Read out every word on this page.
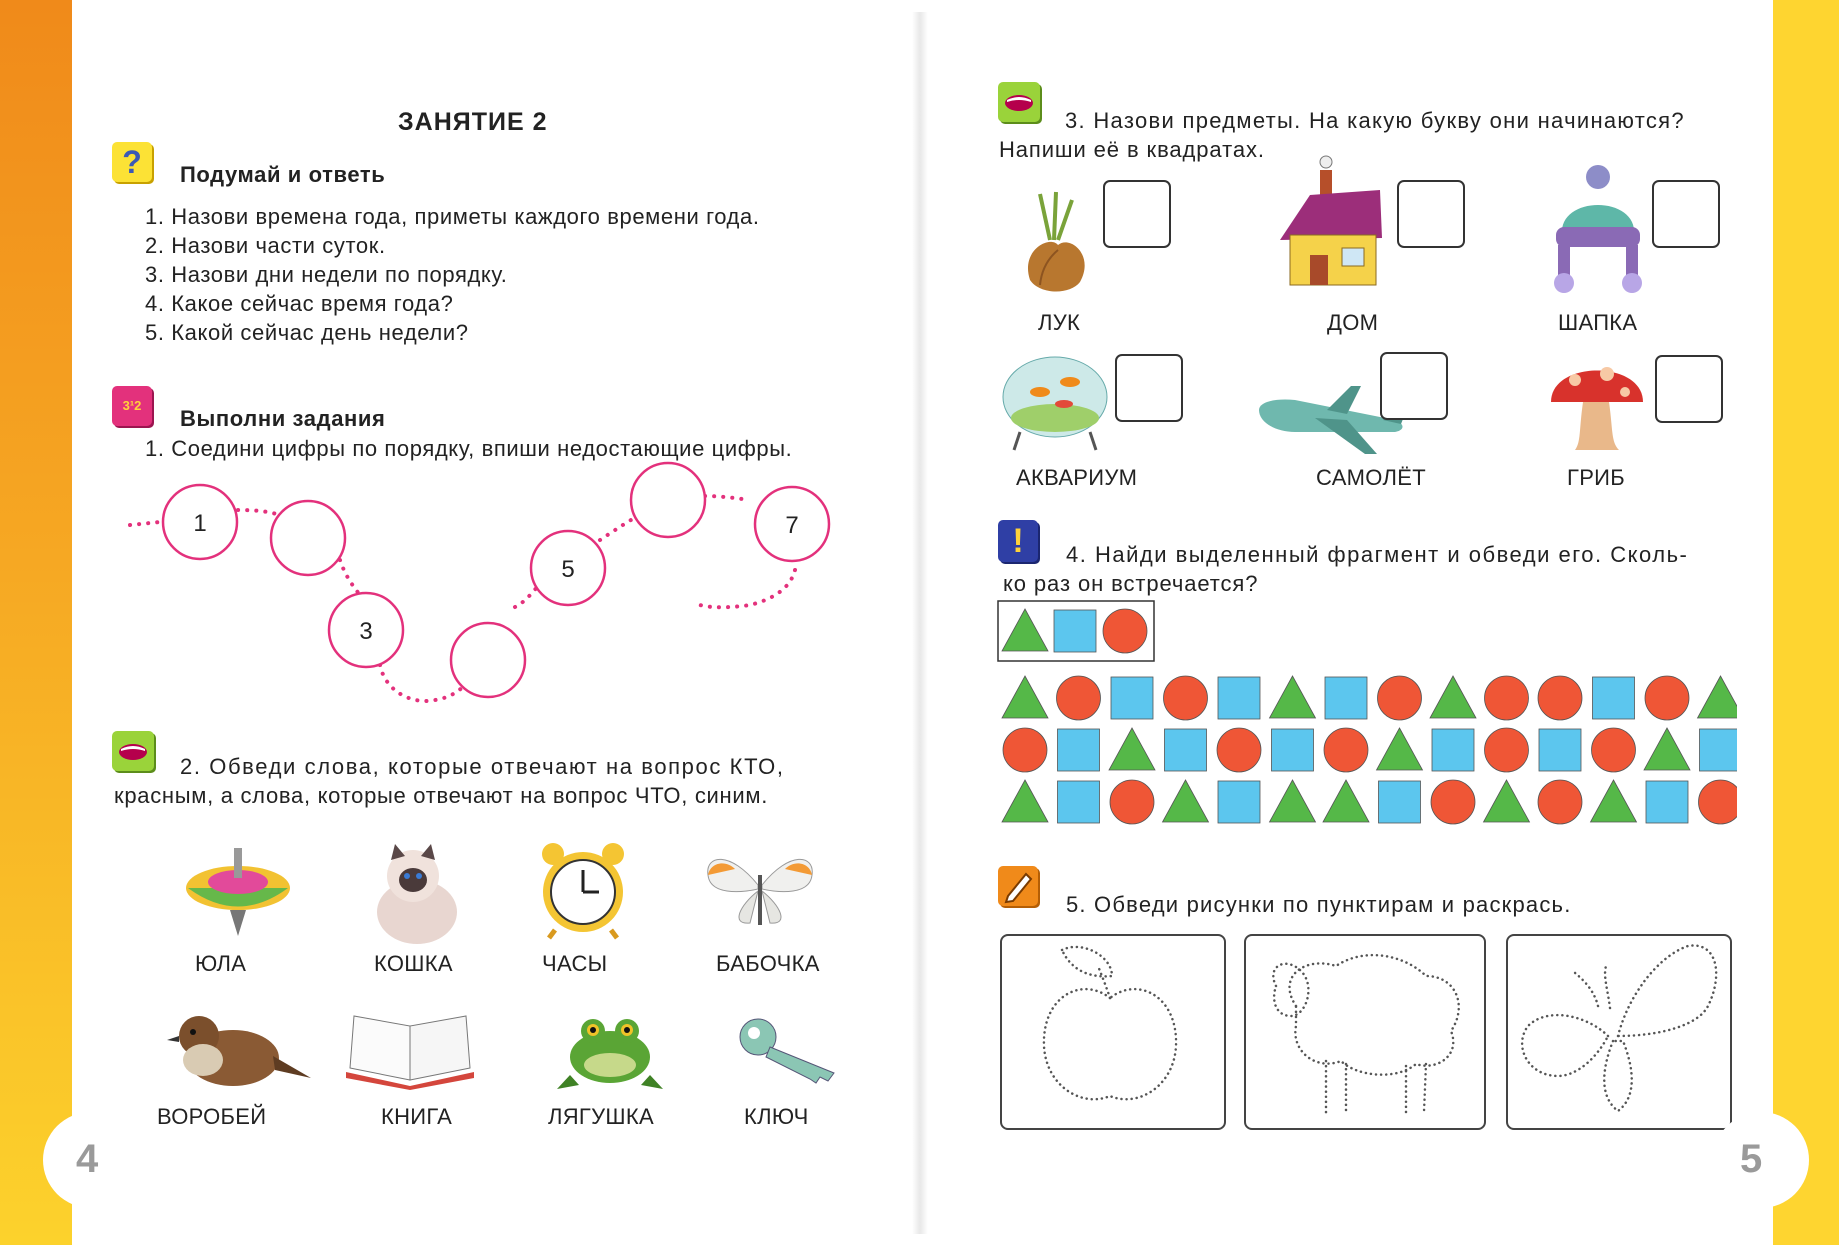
ЗАНЯТИЕ 2
?	Подумай и ответь
1. Назови времена года, приметы каждого времени года.
2. Назови части суток.
3. Назови дни недели по порядку.
4. Какое сейчас время года?
5. Какой сейчас день недели?
3¹2
Выполни задания
1. Соедини цифры по порядку, впиши недостающие цифры.
1
3
5
7
2. Обведи слова, которые отвечают на вопрос КТО,
красным, а слова, которые отвечают на вопрос ЧТО, синим.
ЮЛА	КОШКА	ЧАСЫ	БАБОЧКА
ВОРОБЕЙ	КНИГА	ЛЯГУШКА	КЛЮЧ
4
3. Назови предметы. На какую букву они начинаются?
Напиши её в квадратах.
ЛУК	ДОМ	ШАПКА
АКВАРИУМ	САМОЛЁТ	ГРИБ
!	4. Найди выделенный фрагмент и обведи его. Сколь-
ко раз он встречается?
5. Обведи рисунки по пунктирам и раскрась.
5
